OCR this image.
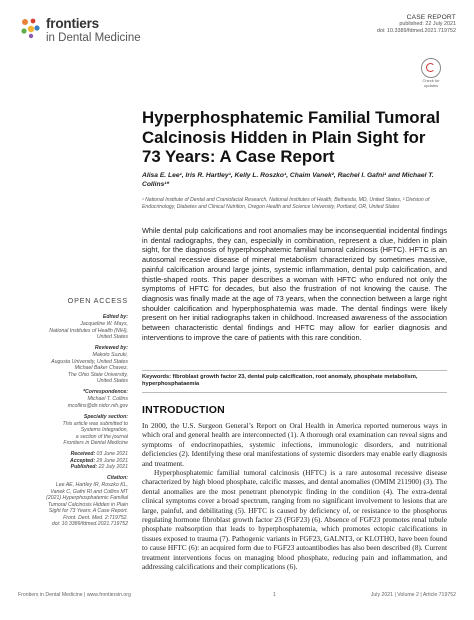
frontiers
in Dental Medicine
CASE REPORT
published: 22 July 2021
doi: 10.3389/fdmed.2021.719752
Check for updates
Hyperphosphatemic Familial Tumoral Calcinosis Hidden in Plain Sight for 73 Years: A Case Report
Alisa E. Lee¹, Iris R. Hartley¹, Kelly L. Roszko¹, Chaim Vanek², Rachel I. Gafni¹ and Michael T. Collins¹*
¹ National Institute of Dental and Craniofacial Research, National Institutes of Health, Bethesda, MD, United States, ² Division of Endocrinology, Diabetes and Clinical Nutrition, Oregon Health and Science University, Portland, OR, United States
While dental pulp calcifications and root anomalies may be inconsequential incidental findings in dental radiographs, they can, especially in combination, represent a clue, hidden in plain sight, for the diagnosis of hyperphosphatemic familial tumoral calcinosis (HFTC). HFTC is an autosomal recessive disease of mineral metabolism characterized by sometimes massive, painful calcification around large joints, systemic inflammation, dental pulp calcification, and thistle-shaped roots. This paper describes a woman with HFTC who endured not only the symptoms of HFTC for decades, but also the frustration of not knowing the cause. The diagnosis was finally made at the age of 73 years, when the connection between a large right shoulder calcification and hyperphosphatemia was made. The dental findings were likely present on her initial radiographs taken in childhood. Increased awareness of the association between characteristic dental findings and HFTC may allow for earlier diagnosis and interventions to improve the care of patients with this rare condition.
Keywords: fibroblast growth factor 23, dental pulp calcification, root anomaly, phosphate metabolism, hyperphosphataemia
OPEN ACCESS
Edited by:
Jacqueline W. Mays,
National Institutes of Health (NIH),
United States
Reviewed by:
Makoto Suzuki,
Augusta University, United States
Michael Baker Chavez,
The Ohio State University,
United States
*Correspondence:
Michael T. Collins
mcollins@dir.nidcr.nih.gov
Specialty section:
This article was submitted to
Systems Integration,
a section of the journal
Frontiers in Dental Medicine
Received: 03 June 2021
Accepted: 29 June 2021
Published: 22 July 2021
Citation:
Lee AE, Hartley IR, Roszko KL,
Vanek C, Gafni RI and Collins MT
(2021) Hyperphosphatemic Familial
Tumoral Calcinosis Hidden in Plain
Sight for 73 Years: A Case Report.
Front. Dent. Med. 2:719752.
doi: 10.3389/fdmed.2021.719752
INTRODUCTION

In 2000, the U.S. Surgeon General’s Report on Oral Health in America reported numerous ways in which oral and general health are interconnected (1). A thorough oral examination can reveal signs and symptoms of endocrinopathies, systemic infections, immunologic disorders, and nutritional deficiencies (2). Identifying these oral manifestations of systemic disorders may enable early diagnosis and treatment.

Hyperphosphatemic familial tumoral calcinosis (HFTC) is a rare autosomal recessive disease characterized by high blood phosphate, calcific masses, and dental anomalies (OMIM 211900) (3). The dental anomalies are the most penetrant phenotypic finding in the condition (4). The extra-dental clinical symptoms cover a broad spectrum, ranging from no significant involvement to lesions that are large, painful, and debilitating (5). HFTC is caused by deficiency of, or resistance to the phosphorus regulating hormone fibroblast growth factor 23 (FGF23) (6). Absence of FGF23 promotes renal tubule phosphate reabsorption that leads to hyperphosphatemia, which promotes ectopic calcifications in tissues exposed to trauma (7). Pathogenic variants in FGF23, GALNT3, or KLOTHO, have been found to cause HFTC (6): an acquired form due to FGF23 autoantibodies has also been described (8). Current treatment interventions focus on managing blood phosphate, reducing pain and inflammation, and addressing calcifications and their complications (6).

Frontiers in Dental Medicine | www.frontiersin.org	1	July 2021 | Volume 2 | Article 719752
